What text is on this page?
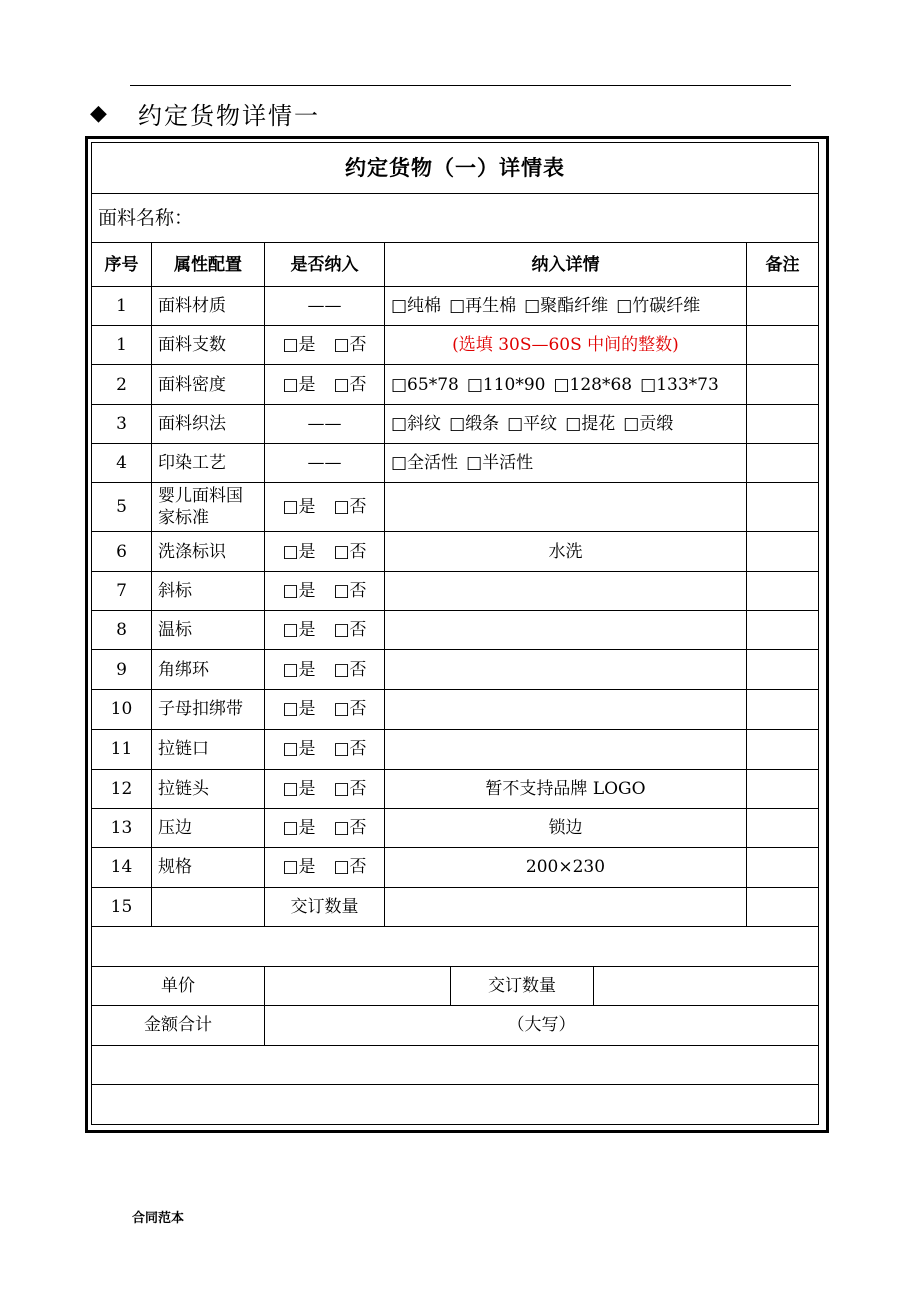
◆	约定货物详情一
约定货物（一）详情表						
面料名称：						
序号	属性配置	是否纳入	纳入详情			备注
1	面料材质	——	□纯棉 □再生棉 □聚酯纤维 □竹碳纤维			
1	面料支数	□是 □否	(选填 30S—60S 中间的整数)			
2	面料密度	□是 □否	□65*78 □110*90 □128*68 □133*73			
3	面料织法	——	□斜纹 □缎条 □平纹 □提花 □贡缎			
4	印染工艺	——	□全活性 □半活性			
5	婴儿面料国家标准	□是 □否				
6	洗涤标识	□是 □否	水洗			
7	斜标	□是 □否				
8	温标	□是 □否				
9	角绑环	□是 □否				
10	子母扣绑带	□是 □否				
11	拉链口	□是 □否				
12	拉链头	□是 □否	暂不支持品牌 LOGO			
13	压边	□是 □否	锁边			
14	规格	□是 □否	200×230			
15		交订数量				

单价				交订数量		
金额合计		（大写）				

合同范本
